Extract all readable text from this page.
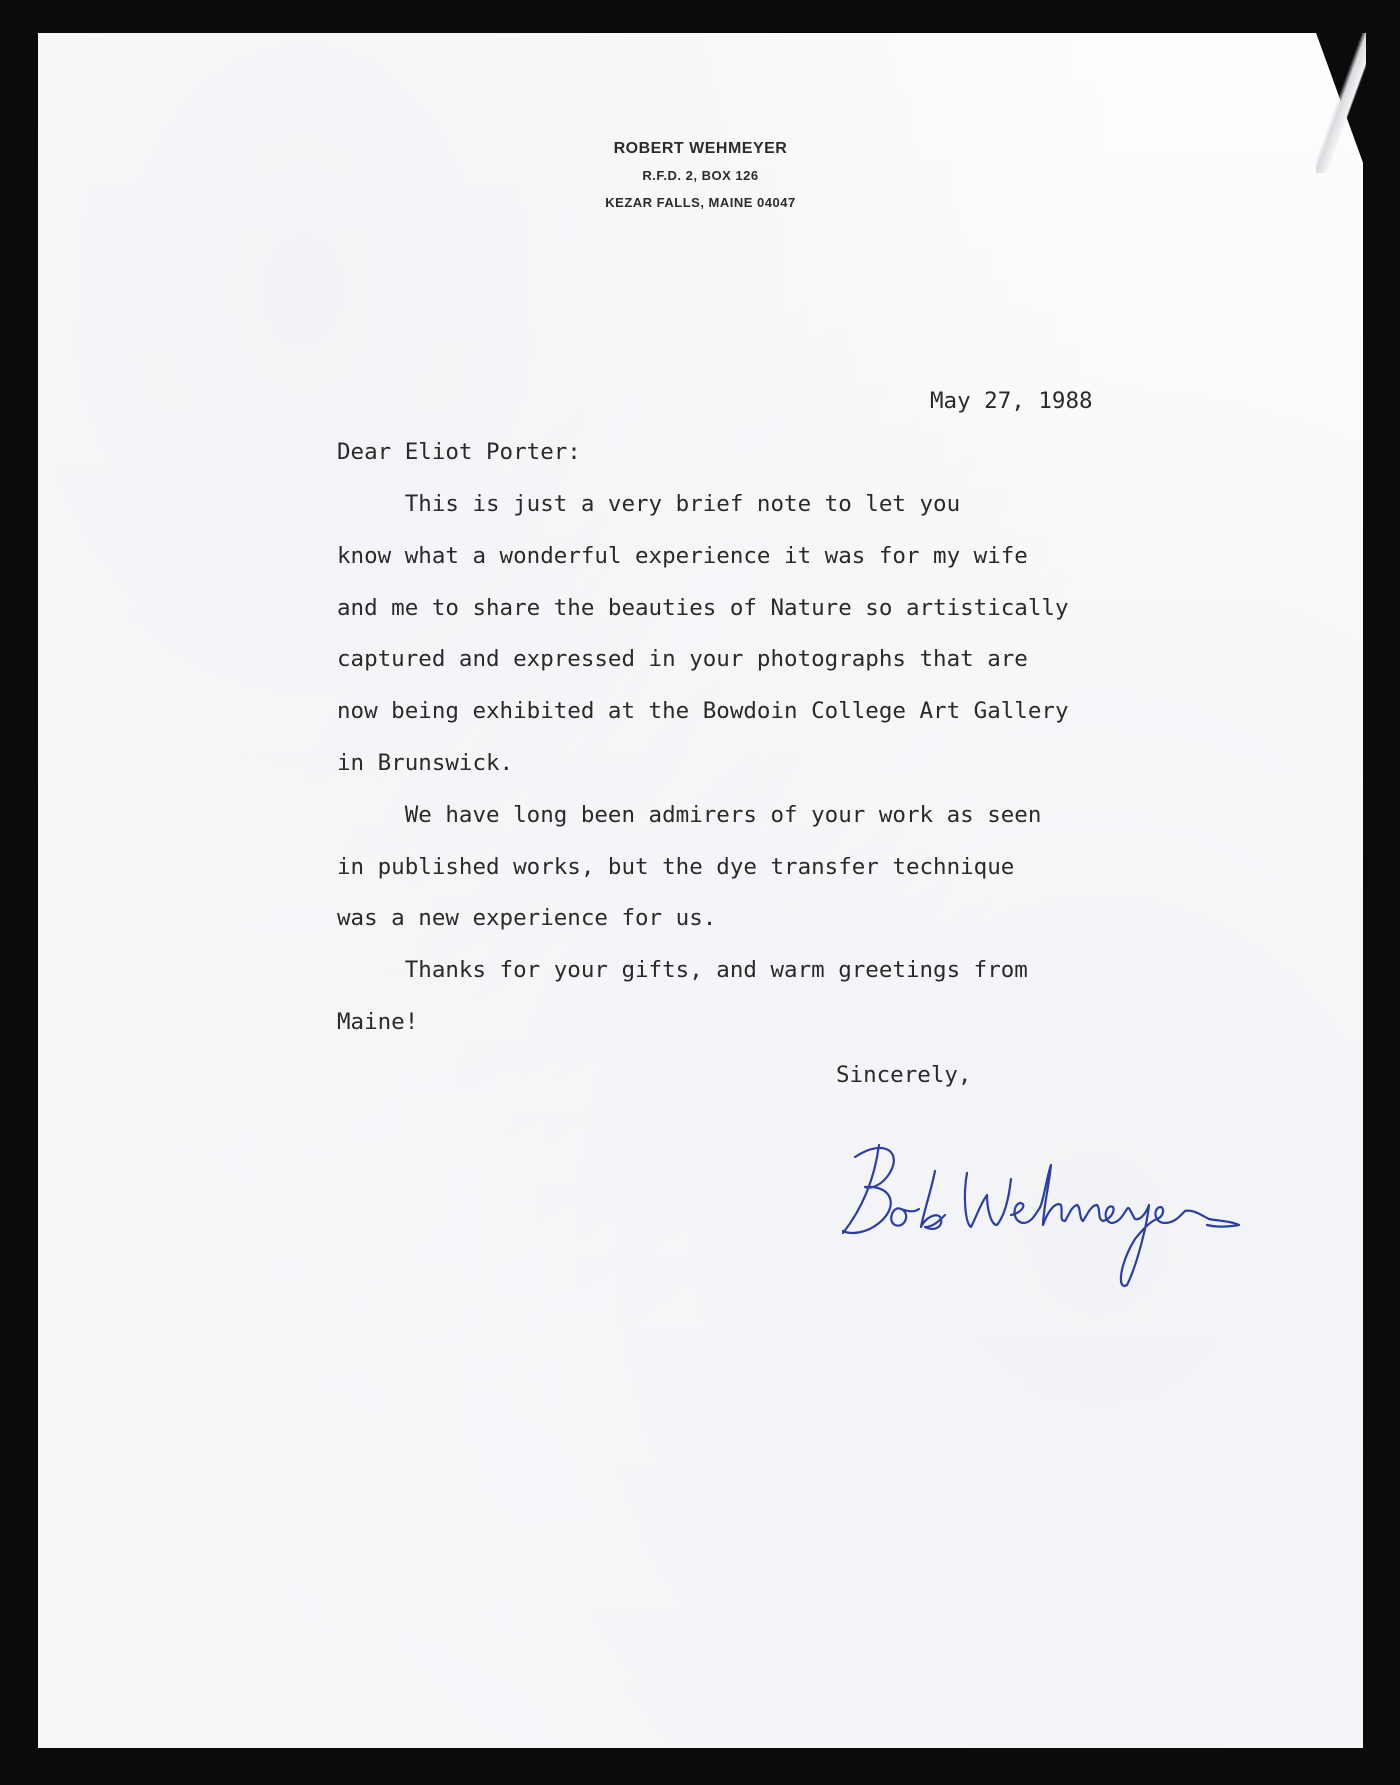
ROBERT WEHMEYER
R.F.D. 2, BOX 126
KEZAR FALLS, MAINE 04047
May 27, 1988
Dear Eliot Porter:
This is just a very brief note to let you
know what a wonderful experience it was for my wife
and me to share the beauties of Nature so artistically
captured and expressed in your photographs that are
now being exhibited at the Bowdoin College Art Gallery
in Brunswick.
We have long been admirers of your work as seen
in published works, but the dye transfer technique
was a new experience for us.
Thanks for your gifts, and warm greetings from
Maine!
Sincerely,
